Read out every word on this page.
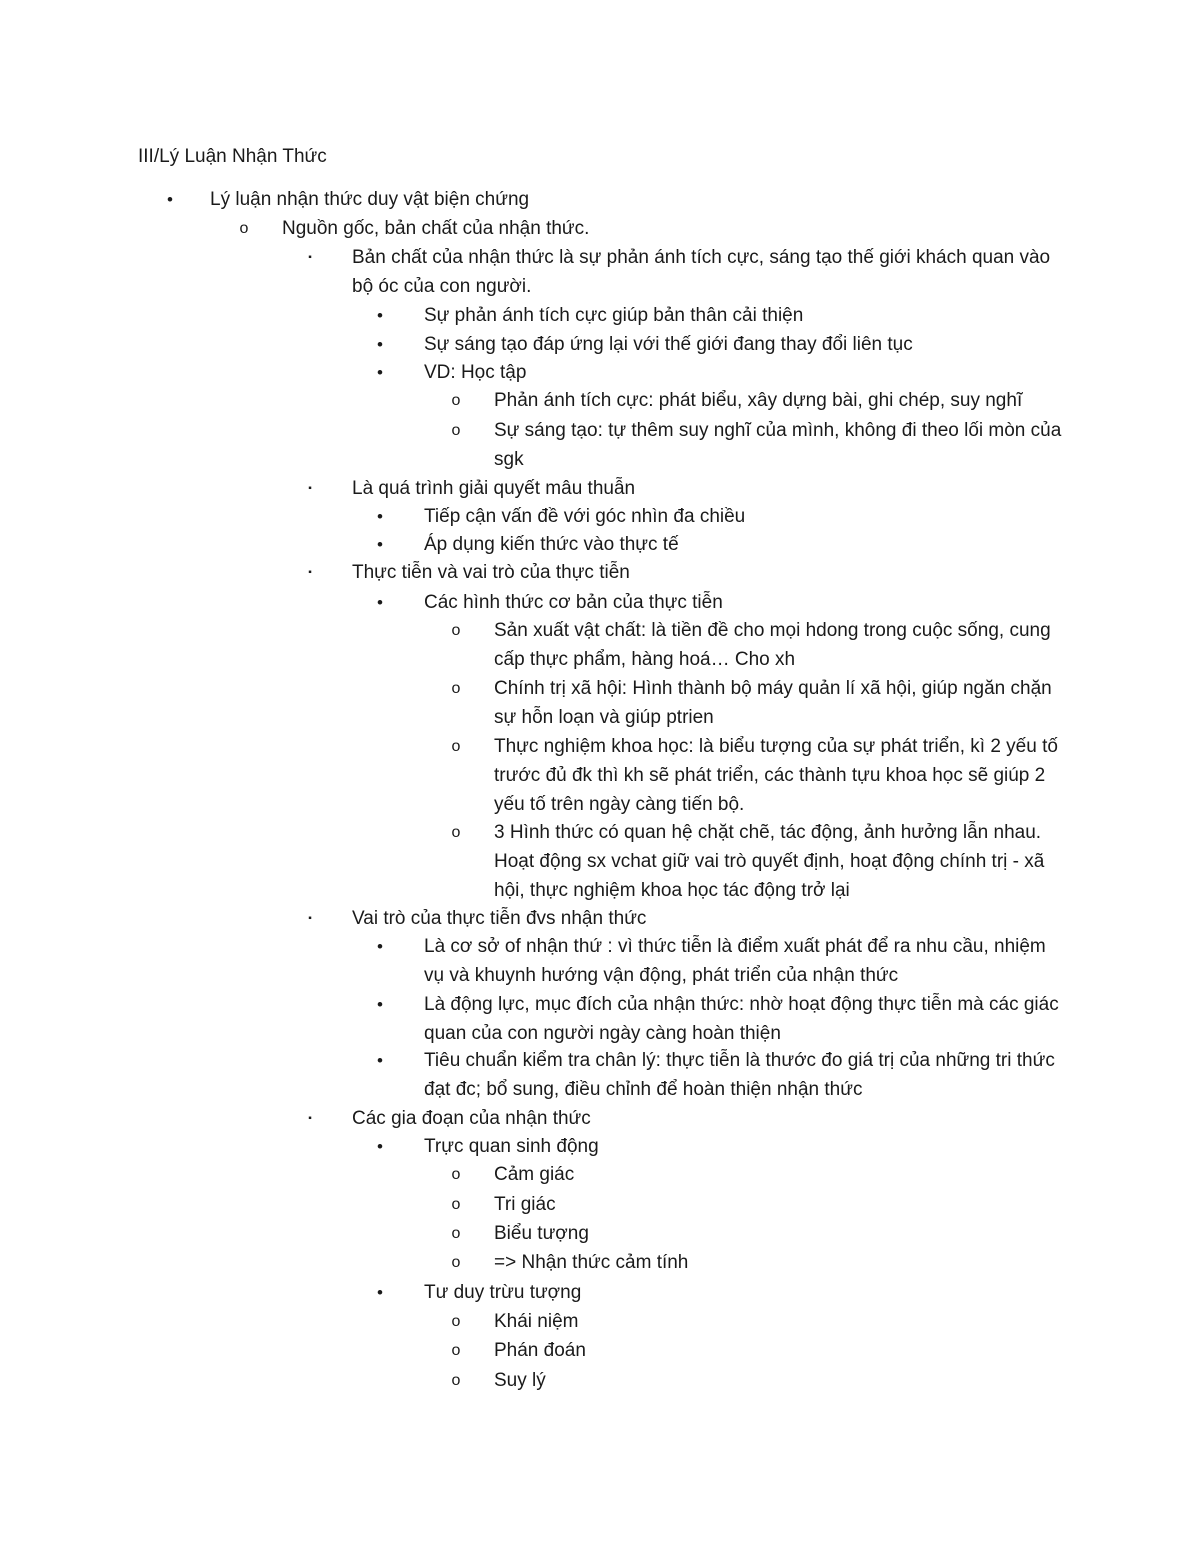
III/Lý Luận Nhận Thức
•	Lý luận nhận thức duy vật biện chứng
o Nguồn gốc, bản chất của nhận thức.
▪	Bản chất của nhận thức là sự phản ánh tích cực, sáng tạo thế giới khách quan vào bộ óc của con người.
•	Sự phản ánh tích cực giúp bản thân cải thiện
•	Sự sáng tạo đáp ứng lại với thế giới đang thay đổi liên tục
•	VD: Học tập
o Phản ánh tích cực: phát biểu, xây dựng bài, ghi chép, suy nghĩ
o Sự sáng tạo: tự thêm suy nghĩ của mình, không đi theo lối mòn của sgk
▪	Là quá trình giải quyết mâu thuẫn
•	Tiếp cận vấn đề với góc nhìn đa chiều
•	Áp dụng kiến thức vào thực tế
▪	Thực tiễn và vai trò của thực tiễn
•	Các hình thức cơ bản của thực tiễn
o Sản xuất vật chất: là tiền đề cho mọi hdong trong cuộc sống, cung cấp thực phẩm, hàng hoá… Cho xh
o Chính trị xã hội: Hình thành bộ máy quản lí xã hội, giúp ngăn chặn sự hỗn loạn và giúp ptrien
o Thực nghiệm khoa học: là biểu tượng của sự phát triển, kì 2 yếu tố trước đủ đk thì kh sẽ phát triển, các thành tựu khoa học sẽ giúp 2 yếu tố trên ngày càng tiến bộ.
o 3 Hình thức có quan hệ chặt chẽ, tác động, ảnh hưởng lẫn nhau. Hoạt động sx vchat giữ vai trò quyết định, hoạt động chính trị - xã hội, thực nghiệm khoa học tác động trở lại
▪	Vai trò của thực tiễn đvs nhận thức
•	Là cơ sở of nhận thứ : vì thức tiễn là điểm xuất phát để ra nhu cầu, nhiệm vụ và khuynh hướng vận động, phát triển của nhận thức
•	Là động lực, mục đích của nhận thức: nhờ hoạt động thực tiễn mà các giác quan của con người ngày càng hoàn thiện
•	Tiêu chuẩn kiểm tra chân lý: thực tiễn là thước đo giá trị của những tri thức đạt đc; bổ sung, điều chỉnh để hoàn thiện nhận thức
▪	Các gia đoạn của nhận thức
•	Trực quan sinh động
o Cảm giác
o Tri giác
o Biểu tượng
o => Nhận thức cảm tính
•	Tư duy trừu tượng
o Khái niệm
o Phán đoán
o Suy lý
